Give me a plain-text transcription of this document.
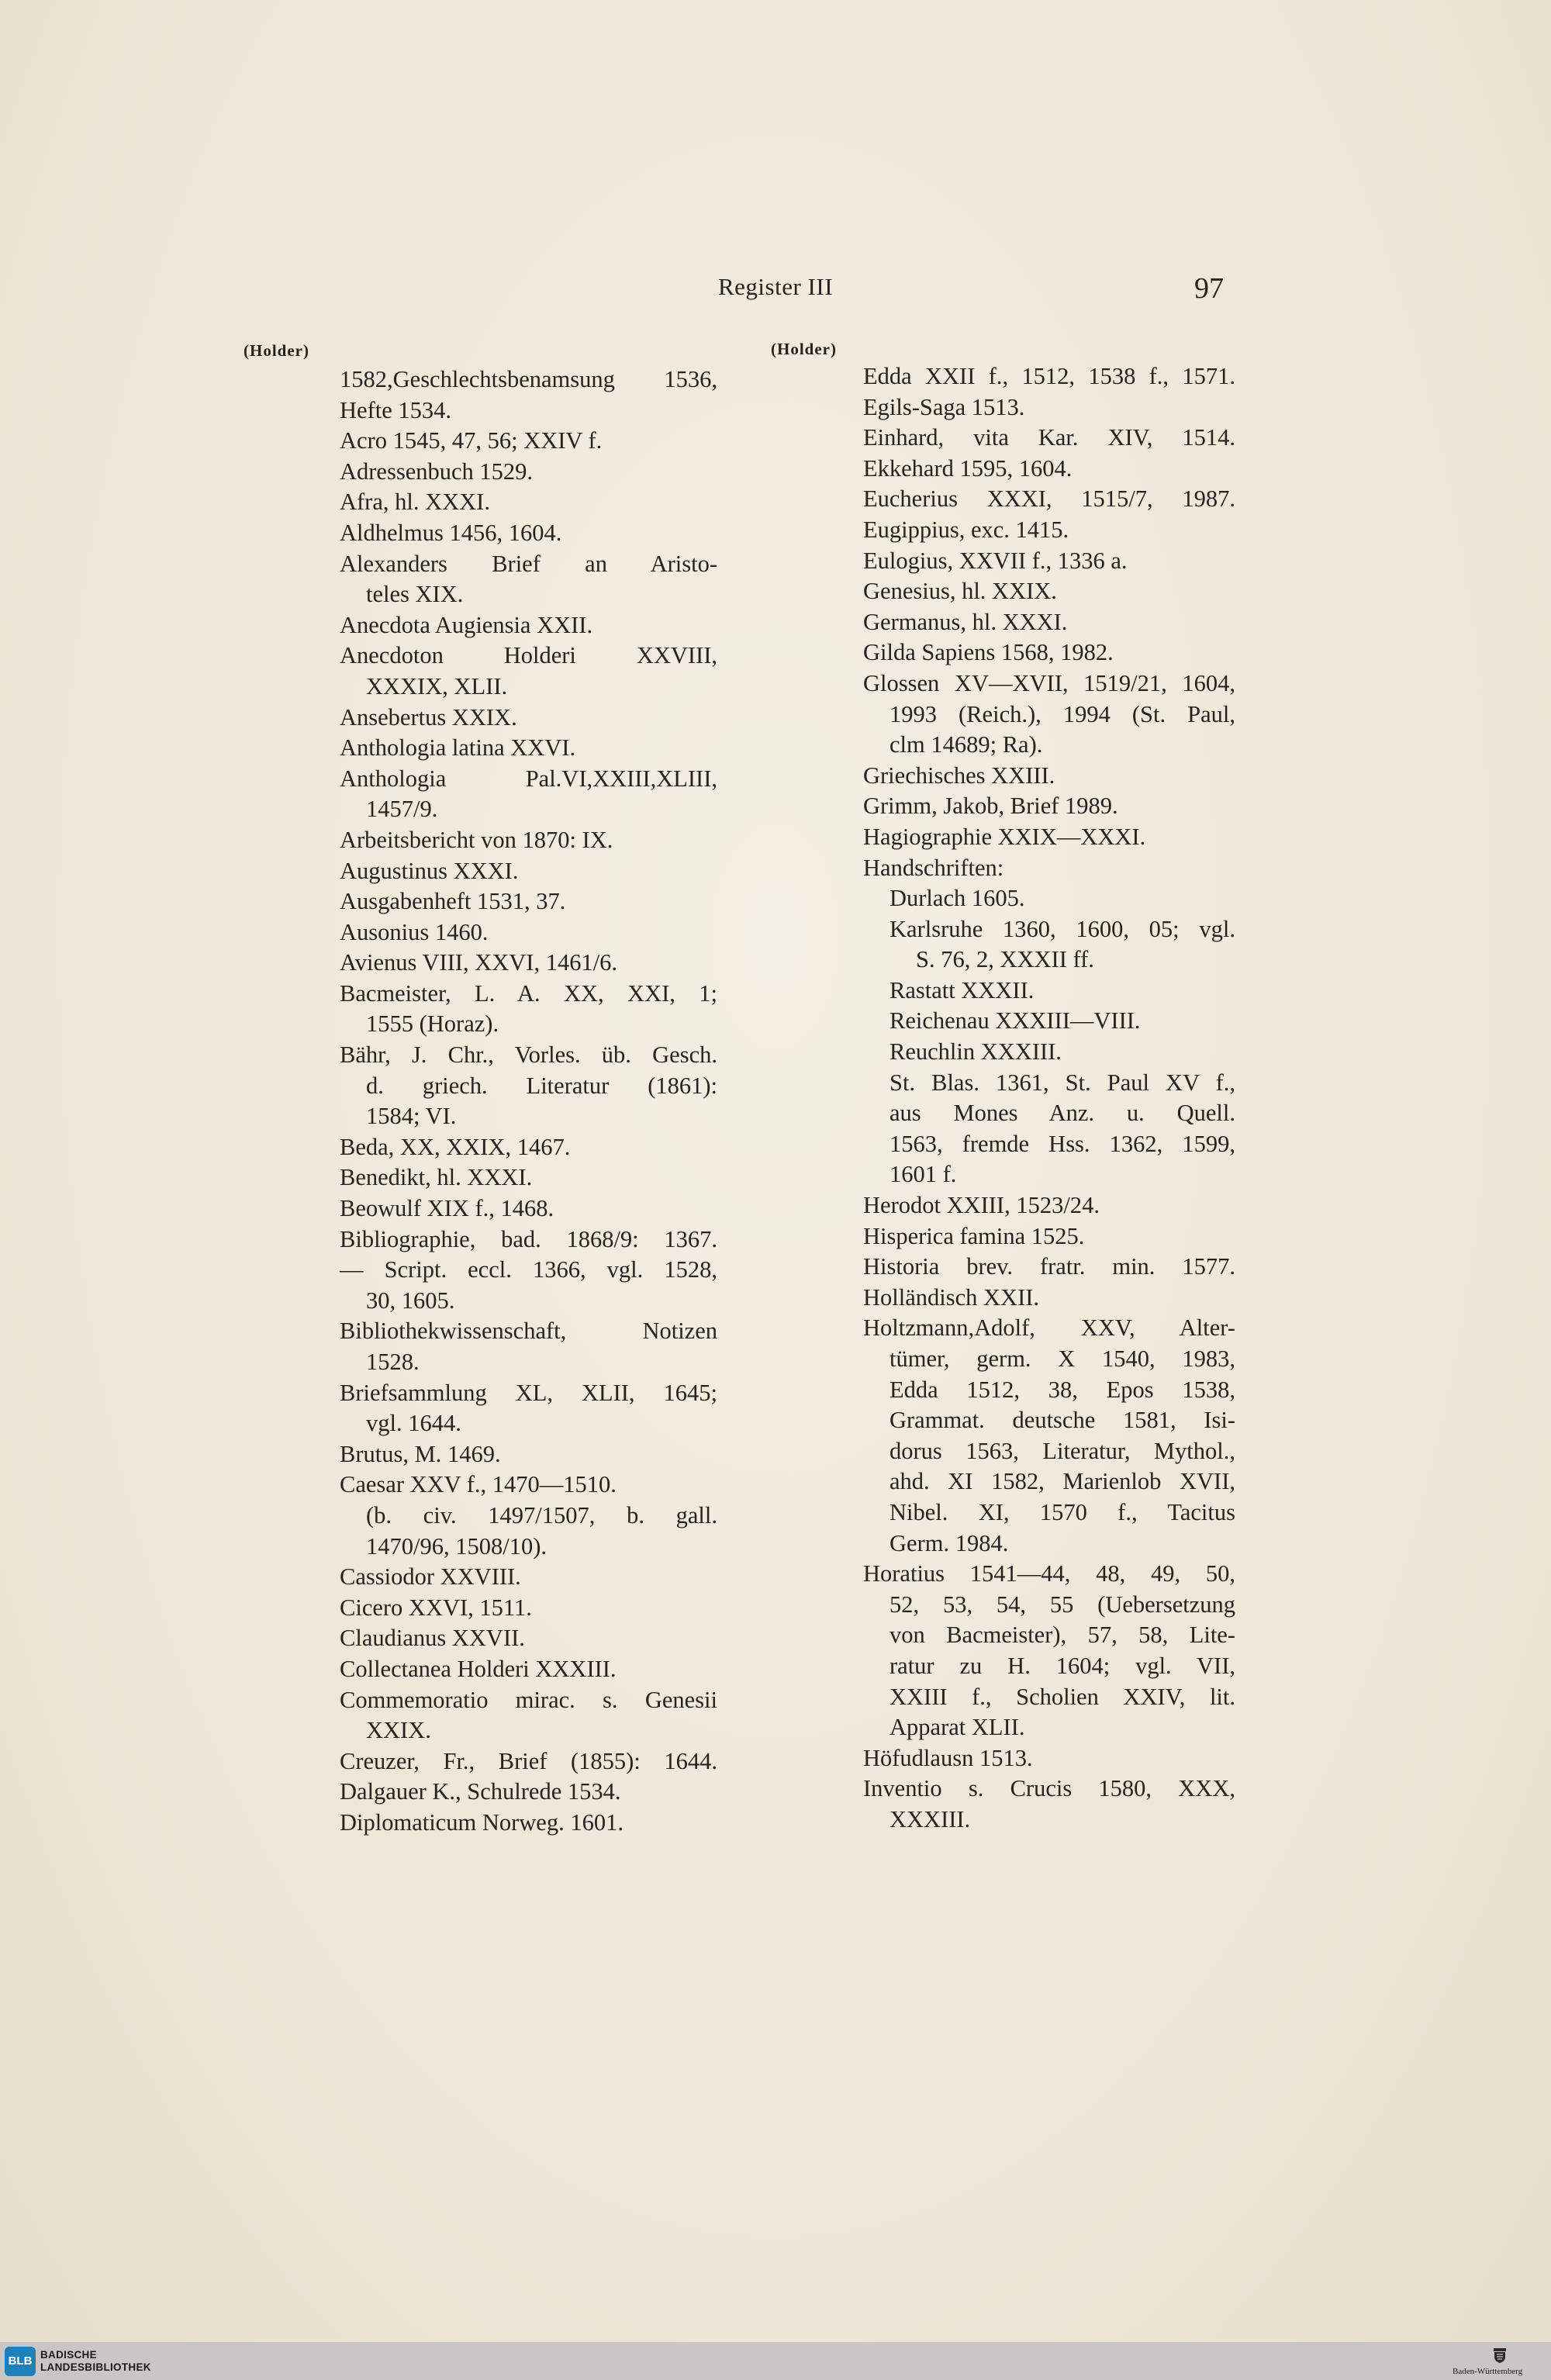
Register III	97
(Holder)	(Holder)
1582,Geschlechtsbenamsung 1536,
Hefte 1534.
Acro 1545, 47, 56; XXIV f.
Adressenbuch 1529.
Afra, hl. XXXI.
Aldhelmus 1456, 1604.
Alexanders Brief an Aristo-
teles XIX.
Anecdota Augiensia XXII.
Anecdoton Holderi XXVIII,
XXXIX, XLII.
Ansebertus XXIX.
Anthologia latina XXVI.
Anthologia Pal.VI,XXIII,XLIII,
1457/9.
Arbeitsbericht von 1870: IX.
Augustinus XXXI.
Ausgabenheft 1531, 37.
Ausonius 1460.
Avienus VIII, XXVI, 1461/6.
Bacmeister, L. A. XX, XXI, 1;
1555 (Horaz).
Bähr, J. Chr., Vorles. üb. Gesch.
d. griech. Literatur (1861):
1584; VI.
Beda, XX, XXIX, 1467.
Benedikt, hl. XXXI.
Beowulf XIX f., 1468.
Bibliographie, bad. 1868/9: 1367.
— Script. eccl. 1366, vgl. 1528,
30, 1605.
Bibliothekwissenschaft, Notizen
1528.
Briefsammlung XL, XLII, 1645;
vgl. 1644.
Brutus, M. 1469.
Caesar XXV f., 1470—1510.
(b. civ. 1497/1507, b. gall.
1470/96, 1508/10).
Cassiodor XXVIII.
Cicero XXVI, 1511.
Claudianus XXVII.
Collectanea Holderi XXXIII.
Commemoratio mirac. s. Genesii
XXIX.
Creuzer, Fr., Brief (1855): 1644.
Dalgauer K., Schulrede 1534.
Diplomaticum Norweg. 1601.
Edda XXII f., 1512, 1538 f., 1571.
Egils-Saga 1513.
Einhard, vita Kar. XIV, 1514.
Ekkehard 1595, 1604.
Eucherius XXXI, 1515/7, 1987.
Eugippius, exc. 1415.
Eulogius, XXVII f., 1336 a.
Genesius, hl. XXIX.
Germanus, hl. XXXI.
Gilda Sapiens 1568, 1982.
Glossen XV—XVII, 1519/21, 1604,
1993 (Reich.), 1994 (St. Paul,
clm 14689; Ra).
Griechisches XXIII.
Grimm, Jakob, Brief 1989.
Hagiographie XXIX—XXXI.
Handschriften:
Durlach 1605.
Karlsruhe 1360, 1600, 05; vgl.
S. 76, 2, XXXII ff.
Rastatt XXXII.
Reichenau XXXIII—VIII.
Reuchlin XXXIII.
St. Blas. 1361, St. Paul XV f.,
aus Mones Anz. u. Quell.
1563, fremde Hss. 1362, 1599,
1601 f.
Herodot XXIII, 1523/24.
Hisperica famina 1525.
Historia brev. fratr. min. 1577.
Holländisch XXII.
Holtzmann,Adolf, XXV, Alter-
tümer, germ. X 1540, 1983,
Edda 1512, 38, Epos 1538,
Grammat. deutsche 1581, Isi-
dorus 1563, Literatur, Mythol.,
ahd. XI 1582, Marienlob XVII,
Nibel. XI, 1570 f., Tacitus
Germ. 1984.
Horatius 1541—44, 48, 49, 50,
52, 53, 54, 55 (Uebersetzung
von Bacmeister), 57, 58, Lite-
ratur zu H. 1604; vgl. VII,
XXIII f., Scholien XXIV, lit.
Apparat XLII.
Höfudlausn 1513.
Inventio s. Crucis 1580, XXX,
XXXIII.
BLB BADISCHE
LANDESBIBLIOTHEK	Baden-Württemberg
